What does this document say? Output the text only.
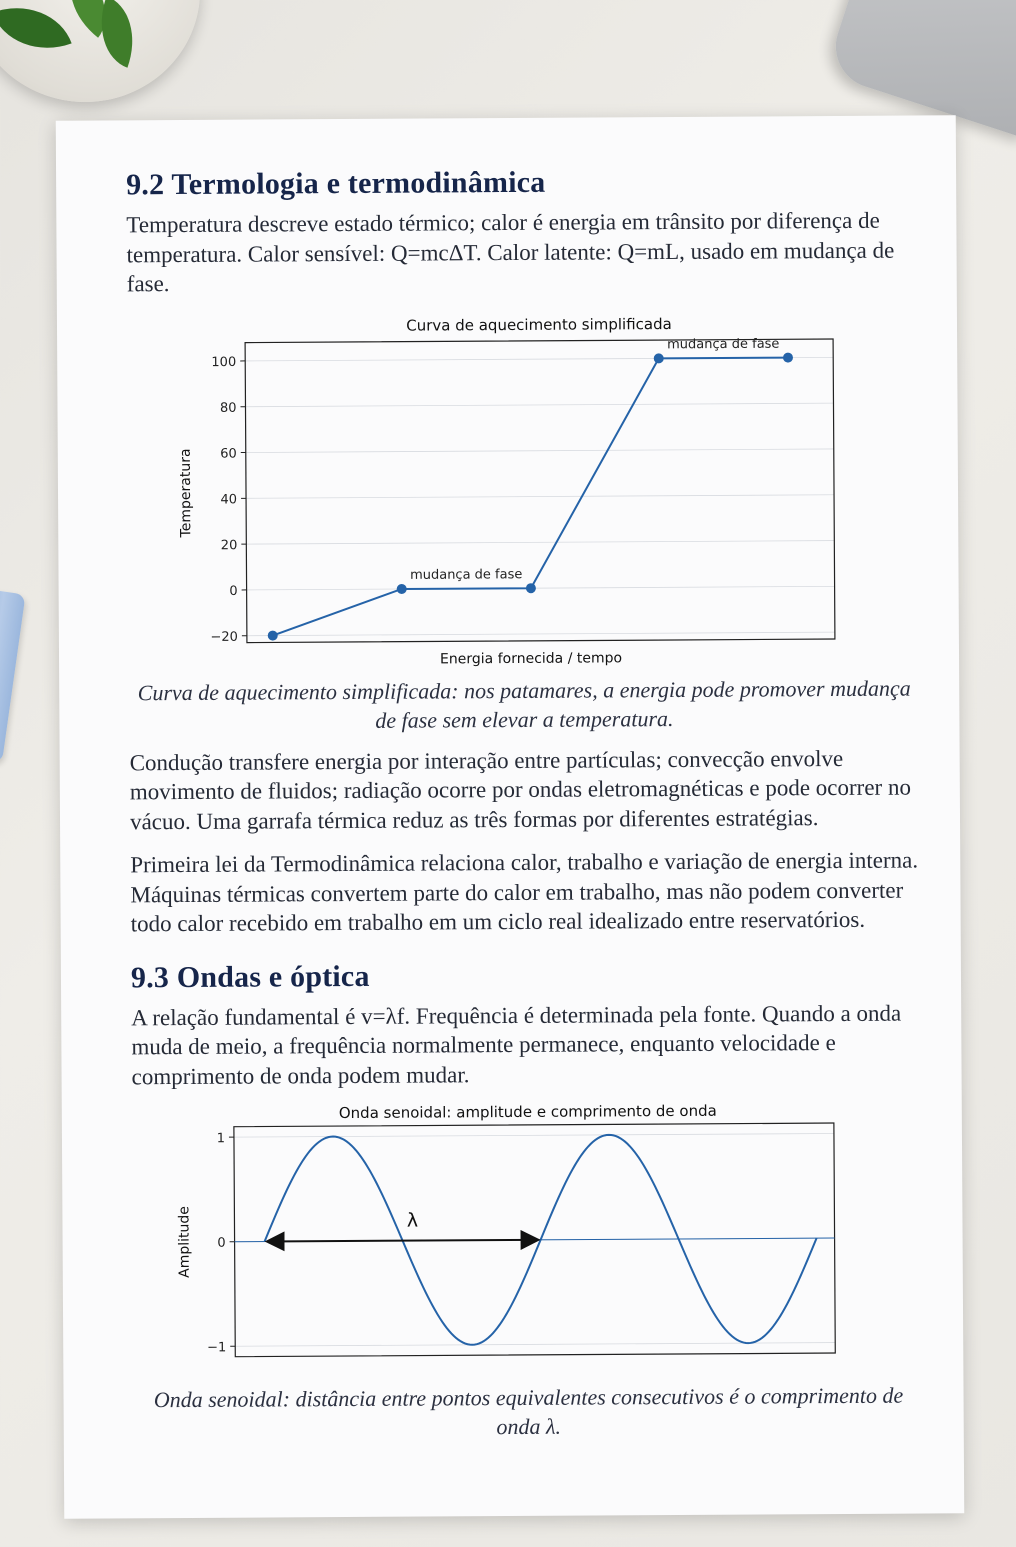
9.2 Termologia e termodinâmica

Temperatura descreve estado térmico; calor é energia em trânsito por diferença de temperatura. Calor sensível: Q=mcΔT. Calor latente: Q=mL, usado em mudança de fase.

Curva de aquecimento simplificada
−20
0
20
40
60
80
100
mudança de fase
mudança de fase
Energia fornecida / tempo
Temperatura

Curva de aquecimento simplificada: nos patamares, a energia pode promover mudança de fase sem elevar a temperatura.

Condução transfere energia por interação entre partículas; convecção envolve movimento de fluidos; radiação ocorre por ondas eletromagnéticas e pode ocorrer no vácuo. Uma garrafa térmica reduz as três formas por diferentes estratégias.

Primeira lei da Termodinâmica relaciona calor, trabalho e variação de energia interna. Máquinas térmicas convertem parte do calor em trabalho, mas não podem converter todo calor recebido em trabalho em um ciclo real idealizado entre reservatórios.

9.3 Ondas e óptica

A relação fundamental é v=λf. Frequência é determinada pela fonte. Quando a onda muda de meio, a frequência normalmente permanece, enquanto velocidade e comprimento de onda podem mudar.

Onda senoidal: amplitude e comprimento de onda
−1
0
1
λ
Amplitude

Onda senoidal: distância entre pontos equivalentes consecutivos é o comprimento de onda λ.
